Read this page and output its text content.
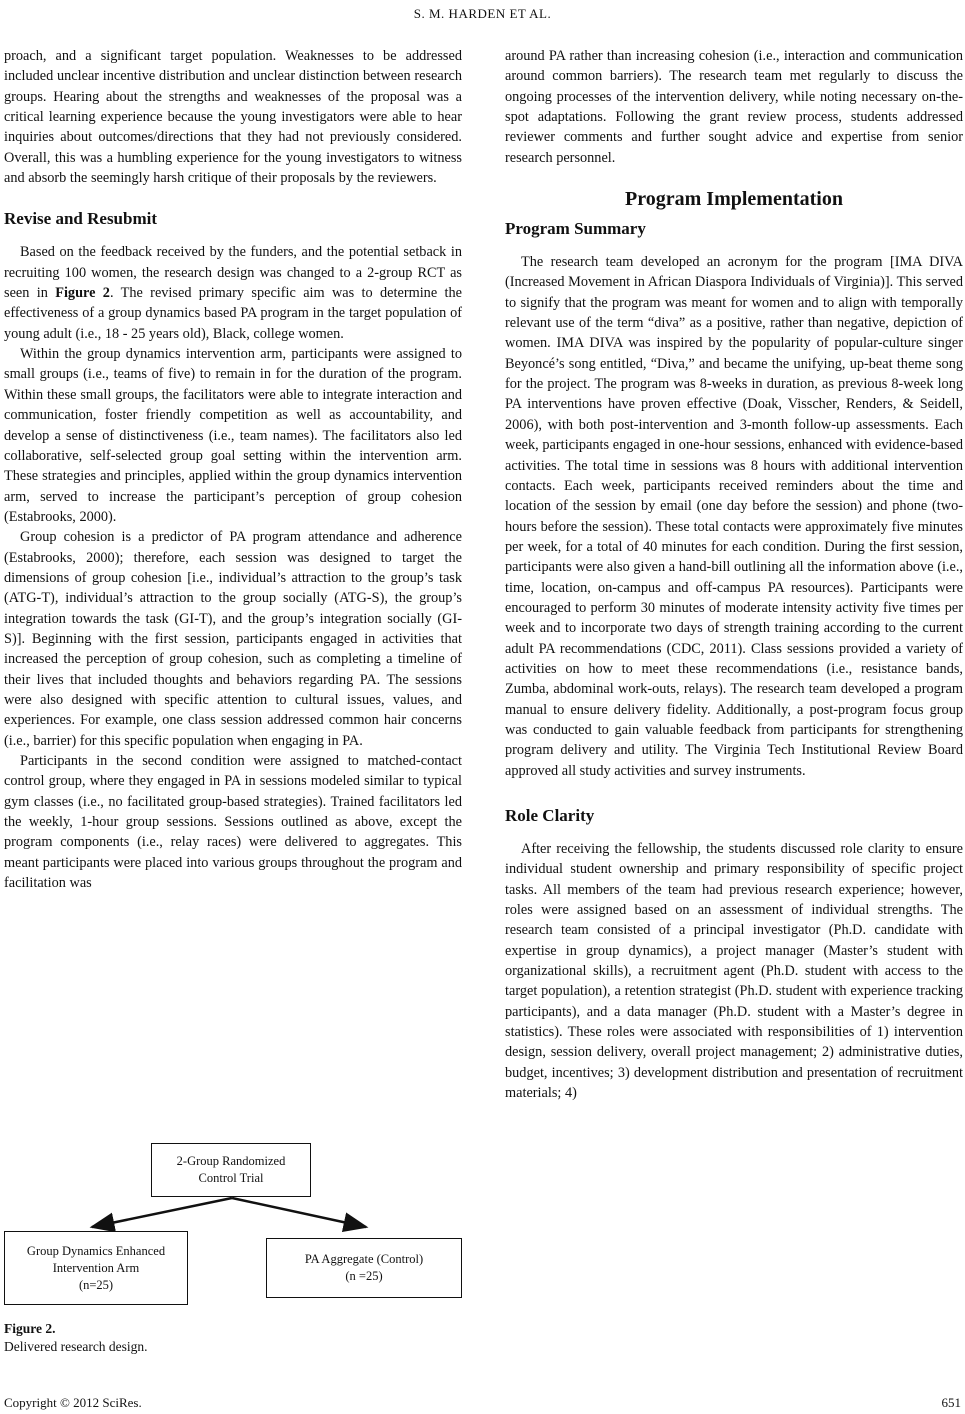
S. M. HARDEN ET AL.

proach, and a significant target population. Weaknesses to be addressed included unclear incentive distribution and unclear distinction between research groups. Hearing about the strengths and weaknesses of the proposal was a critical learning experience because the young investigators were able to hear inquiries about outcomes/directions that they had not previously considered. Overall, this was a humbling experience for the young investigators to witness and absorb the seemingly harsh critique of their proposals by the reviewers.

Revise and Resubmit

Based on the feedback received by the funders, and the potential setback in recruiting 100 women, the research design was changed to a 2-group RCT as seen in Figure 2. The revised primary specific aim was to determine the effectiveness of a group dynamics based PA program in the target population of young adult (i.e., 18 - 25 years old), Black, college women.

Within the group dynamics intervention arm, participants were assigned to small groups (i.e., teams of five) to remain in for the duration of the program. Within these small groups, the facilitators were able to integrate interaction and communication, foster friendly competition as well as accountability, and develop a sense of distinctiveness (i.e., team names). The facilitators also led collaborative, self-selected group goal setting within the intervention arm. These strategies and principles, applied within the group dynamics intervention arm, served to increase the participant’s perception of group cohesion (Estabrooks, 2000).

Group cohesion is a predictor of PA program attendance and adherence (Estabrooks, 2000); therefore, each session was designed to target the dimensions of group cohesion [i.e., individual’s attraction to the group’s task (ATG-T), individual’s attraction to the group socially (ATG-S), the group’s integration towards the task (GI-T), and the group’s integration socially (GI-S)]. Beginning with the first session, participants engaged in activities that increased the perception of group cohesion, such as completing a timeline of their lives that included thoughts and behaviors regarding PA. The sessions were also designed with specific attention to cultural issues, values, and experiences. For example, one class session addressed common hair concerns (i.e., barrier) for this specific population when engaging in PA.

Participants in the second condition were assigned to matched-contact control group, where they engaged in PA in sessions modeled similar to typical gym classes (i.e., no facilitated group-based strategies). Trained facilitators led the weekly, 1-hour group sessions. Sessions outlined as above, except the program components (i.e., relay races) were delivered to aggregates. This meant participants were placed into various groups throughout the program and facilitation was

2-Group Randomized
Control Trial
Group Dynamics Enhanced
Intervention Arm
(n=25)
PA Aggregate (Control)
(n =25)
Figure 2.
Delivered research design.

around PA rather than increasing cohesion (i.e., interaction and communication around common barriers). The research team met regularly to discuss the ongoing processes of the intervention delivery, while noting necessary on-the-spot adaptations. Following the grant review process, students addressed reviewer comments and further sought advice and expertise from senior research personnel.

Program Implementation
Program Summary

The research team developed an acronym for the program [IMA DIVA (Increased Movement in African Diaspora Individuals of Virginia)]. This served to signify that the program was meant for women and to align with temporally relevant use of the term “diva” as a positive, rather than negative, depiction of women. IMA DIVA was inspired by the popularity of popular-culture singer Beyoncé’s song entitled, “Diva,” and became the unifying, up-beat theme song for the project. The program was 8-weeks in duration, as previous 8-week long PA interventions have proven effective (Doak, Visscher, Renders, & Seidell, 2006), with both post-intervention and 3-month follow-up assessments. Each week, participants engaged in one-hour sessions, enhanced with evidence-based activities. The total time in sessions was 8 hours with additional intervention contacts. Each week, participants received reminders about the time and location of the session by email (one day before the session) and phone (two-hours before the session). These total contacts were approximately five minutes per week, for a total of 40 minutes for each condition. During the first session, participants were also given a hand-bill outlining all the information above (i.e., time, location, on-campus and off-campus PA resources). Participants were encouraged to perform 30 minutes of moderate intensity activity five times per week and to incorporate two days of strength training according to the current adult PA recommendations (CDC, 2011). Class sessions provided a variety of activities on how to meet these recommendations (i.e., resistance bands, Zumba, abdominal work-outs, relays). The research team developed a program manual to ensure delivery fidelity. Additionally, a post-program focus group was conducted to gain valuable feedback from participants for strengthening program delivery and utility. The Virginia Tech Institutional Review Board approved all study activities and survey instruments.

Role Clarity

After receiving the fellowship, the students discussed role clarity to ensure individual student ownership and primary responsibility of specific project tasks. All members of the team had previous research experience; however, roles were assigned based on an assessment of individual strengths. The research team consisted of a principal investigator (Ph.D. candidate with expertise in group dynamics), a project manager (Master’s student with organizational skills), a recruitment agent (Ph.D. student with access to the target population), a retention strategist (Ph.D. student with experience tracking participants), and a data manager (Ph.D. student with a Master’s degree in statistics). These roles were associated with responsibilities of 1) intervention design, session delivery, overall project management; 2) administrative duties, budget, incentives; 3) development distribution and presentation of recruitment materials; 4)

Copyright © 2012 SciRes.	651
